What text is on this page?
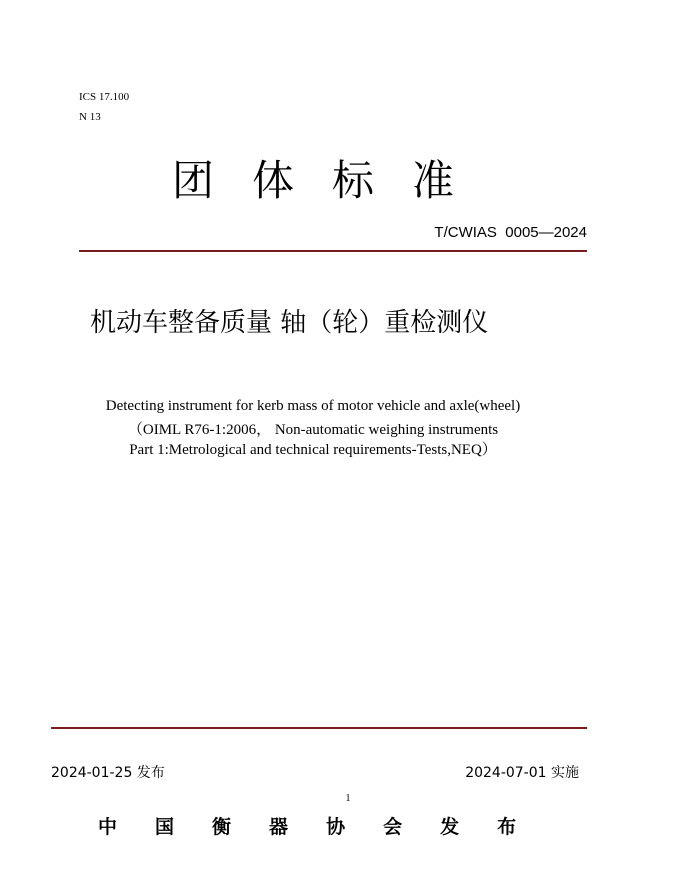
ICS 17.100
N 13
团 体 标 准
T/CWIAS  0005—2024
机动车整备质量 轴（轮）重检测仪
Detecting instrument for kerb mass of motor vehicle and axle(wheel)
（OIML R76-1:2006， Non-automatic weighing instruments
Part 1:Metrological and technical requirements-Tests,NEQ）
2024-01-25 发布	2024-07-01 实施
1
中 国 衡 器 协 会 发 布
